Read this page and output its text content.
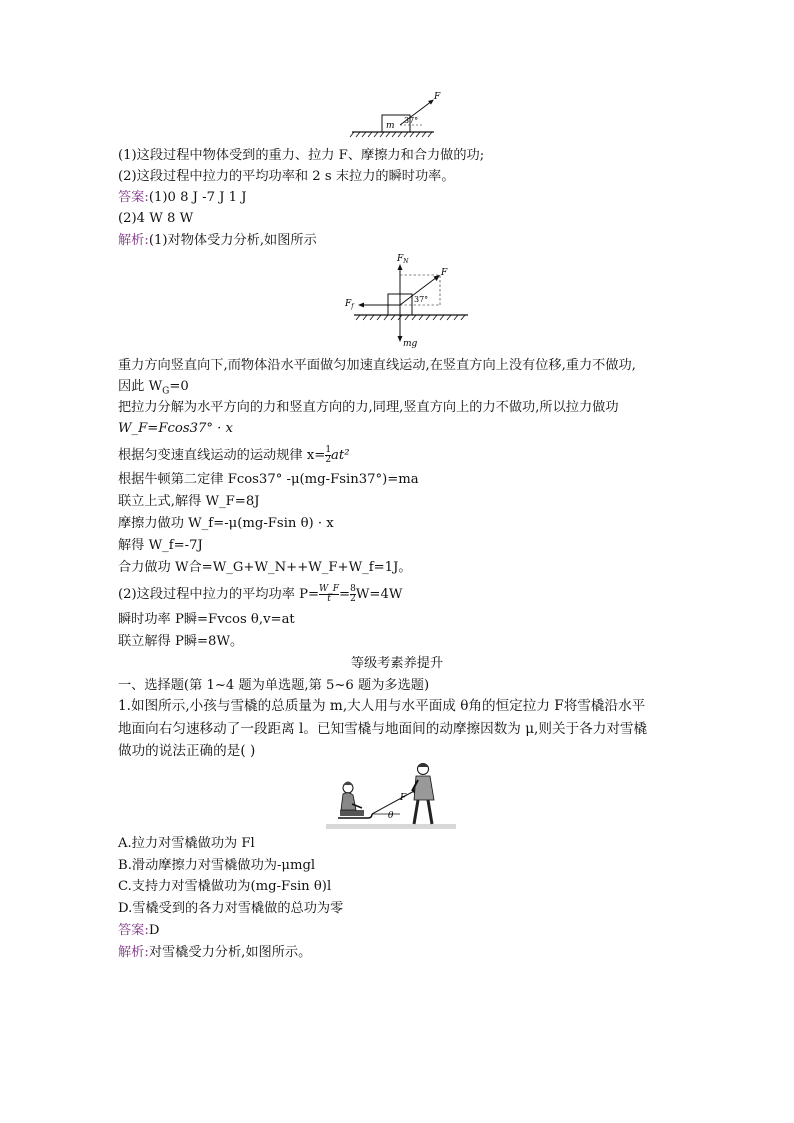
F
m
37°
(1)这段过程中物体受到的重力、拉力 F、摩擦力和合力做的功;
(2)这段过程中拉力的平均功率和 2 s 末拉力的瞬时功率。
答案:(1)0 8 J -7 J 1 J
(2)4 W 8 W
解析:(1)对物体受力分析,如图所示
$F_N$
F
$F_f$
mg
37°
重力方向竖直向下,而物体沿水平面做匀加速直线运动,在竖直方向上没有位移,重力不做功,
因此 $W_G=0$
把拉力分解为水平方向的力和竖直方向的力,同理,竖直方向上的力不做功,所以拉力做功
W_F=Fcos37° · x
根据匀变速直线运动的运动规律 $x= \frac{1}{2} at^2$
根据牛顿第二定律 Fcos37° -μ(mg-Fsin37°)=ma
联立上式,解得 W_F=8J
摩擦力做功 W_f=-μ(mg-Fsin θ) · x
解得 W_f=-7J
合力做功 W合=W_G+W_N++W_F+W_f=1J。
(2)这段过程中拉力的平均功率 $P= \frac{W\_F}{t} = \frac{8}{2} W=4W$
瞬时功率 P瞬=Fvcos θ,v=at
联立解得 P瞬=8W。
等级考素养提升
一、选择题(第 1~4 题为单选题,第 5~6 题为多选题)
1.如图所示,小孩与雪橇的总质量为 m,大人用与水平面成 θ角的恒定拉力 F将雪橇沿水平
地面向右匀速移动了一段距离 l。已知雪橇与地面间的动摩擦因数为 μ,则关于各力对雪橇
做功的说法正确的是( )
F
θ
A.拉力对雪橇做功为 Fl
B.滑动摩擦力对雪橇做功为-μmgl
C.支持力对雪橇做功为(mg-Fsin θ)l
D.雪橇受到的各力对雪橇做的总功为零
答案:D
解析:对雪橇受力分析,如图所示。
